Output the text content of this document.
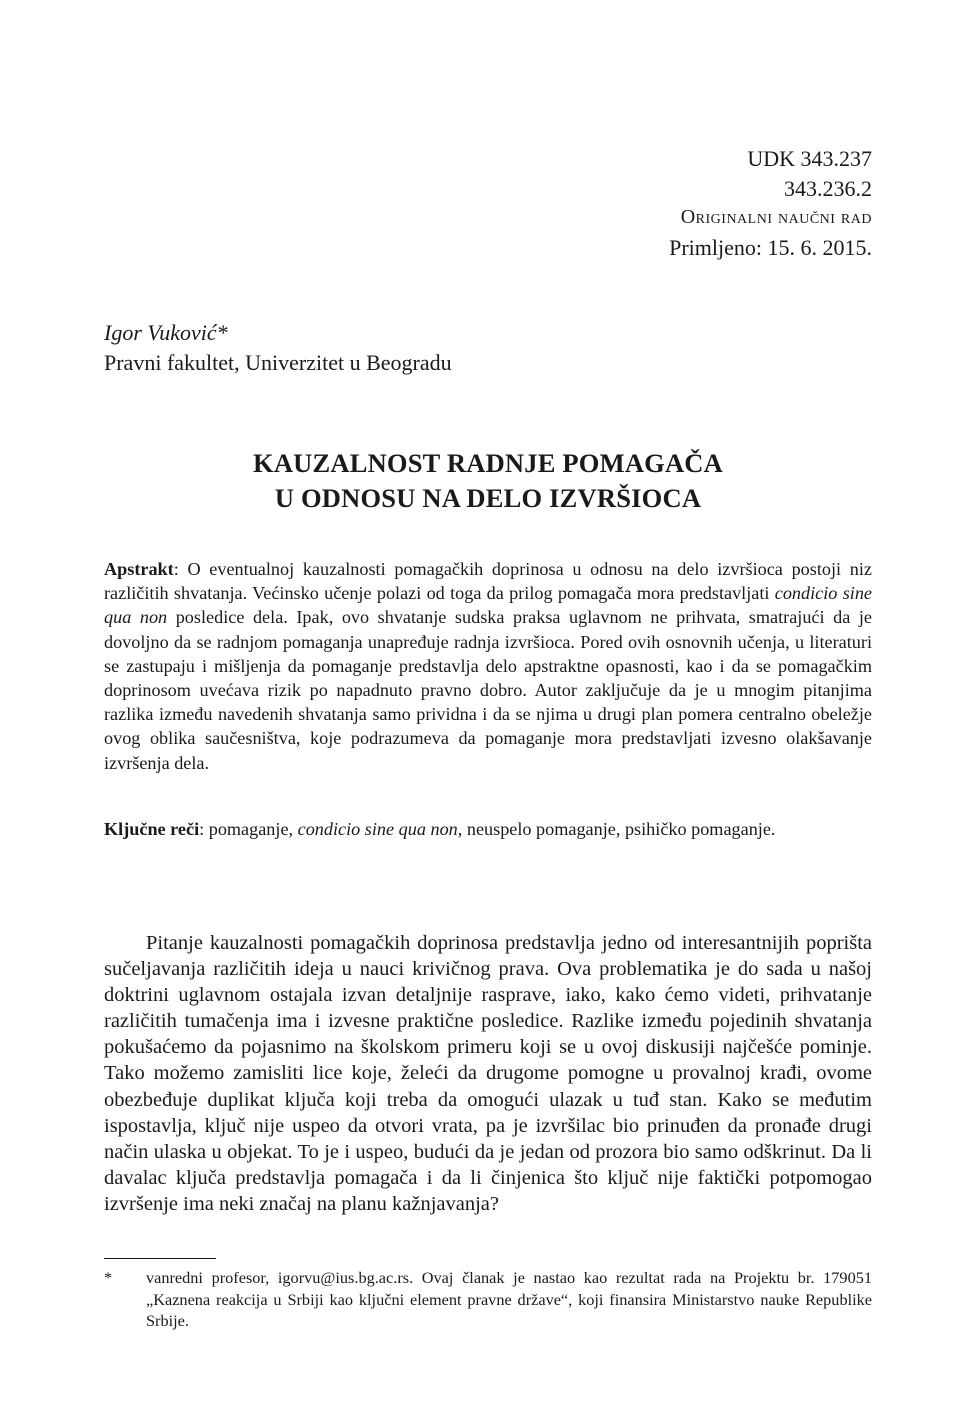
UDK 343.237
343.236.2
Originalni naučni rad
Primljeno: 15. 6. 2015.
Igor Vuković*
Pravni fakultet, Univerzitet u Beogradu
KAUZALNOST RADNJE POMAGAČA
U ODNOSU NA DELO IZVRŠIOCA
Apstrakt: O eventualnoj kauzalnosti pomagačkih doprinosa u odnosu na delo izvršioca postoji niz različitih shvatanja. Većinsko učenje polazi od toga da prilog pomagača mora predstavljati condicio sine qua non posledice dela. Ipak, ovo shvatanje sudska praksa uglavnom ne prihvata, smatrajući da je dovoljno da se radnjom pomaganja unapređuje radnja izvršioca. Pored ovih osnovnih učenja, u literaturi se zastupaju i mišljenja da pomaganje predstavlja delo apstraktne opasnosti, kao i da se pomagačkim doprinosom uvećava rizik po napadnuto pravno dobro. Autor zaključuje da je u mnogim pitanjima razlika između navedenih shvatanja samo prividna i da se njima u drugi plan pomera centralno obeležje ovog oblika saučesništva, koje podrazumeva da pomaganje mora predstavljati izvesno olakšavanje izvršenja dela.
Ključne reči: pomaganje, condicio sine qua non, neuspelo pomaganje, psihičko pomaganje.
Pitanje kauzalnosti pomagačkih doprinosa predstavlja jedno od interesantnijih poprišta sučeljavanja različitih ideja u nauci krivičnog prava. Ova problematika je do sada u našoj doktrini uglavnom ostajala izvan detaljnije rasprave, iako, kako ćemo videti, prihvatanje različitih tumačenja ima i izvesne praktične posledice. Razlike između pojedinih shvatanja pokušaćemo da pojasnimo na školskom primeru koji se u ovoj diskusiji najčešće pominje. Tako možemo zamisliti lice koje, želeći da drugome pomogne u provalnoj krađi, ovome obezbeđuje duplikat ključa koji treba da omogući ulazak u tuđ stan. Kako se međutim ispostavlja, ključ nije uspeo da otvori vrata, pa je izvršilac bio prinuđen da pronađe drugi način ulaska u objekat. To je i uspeo, budući da je jedan od prozora bio samo odškrinut. Da li davalac ključa predstavlja pomagača i da li činjenica što ključ nije faktički potpomogao izvršenje ima neki značaj na planu kažnjavanja?
* vanredni profesor, igorvu@ius.bg.ac.rs. Ovaj članak je nastao kao rezultat rada na Projektu br. 179051 „Kaznena reakcija u Srbiji kao ključni element pravne države“, koji finansira Ministarstvo nauke Republike Srbije.
